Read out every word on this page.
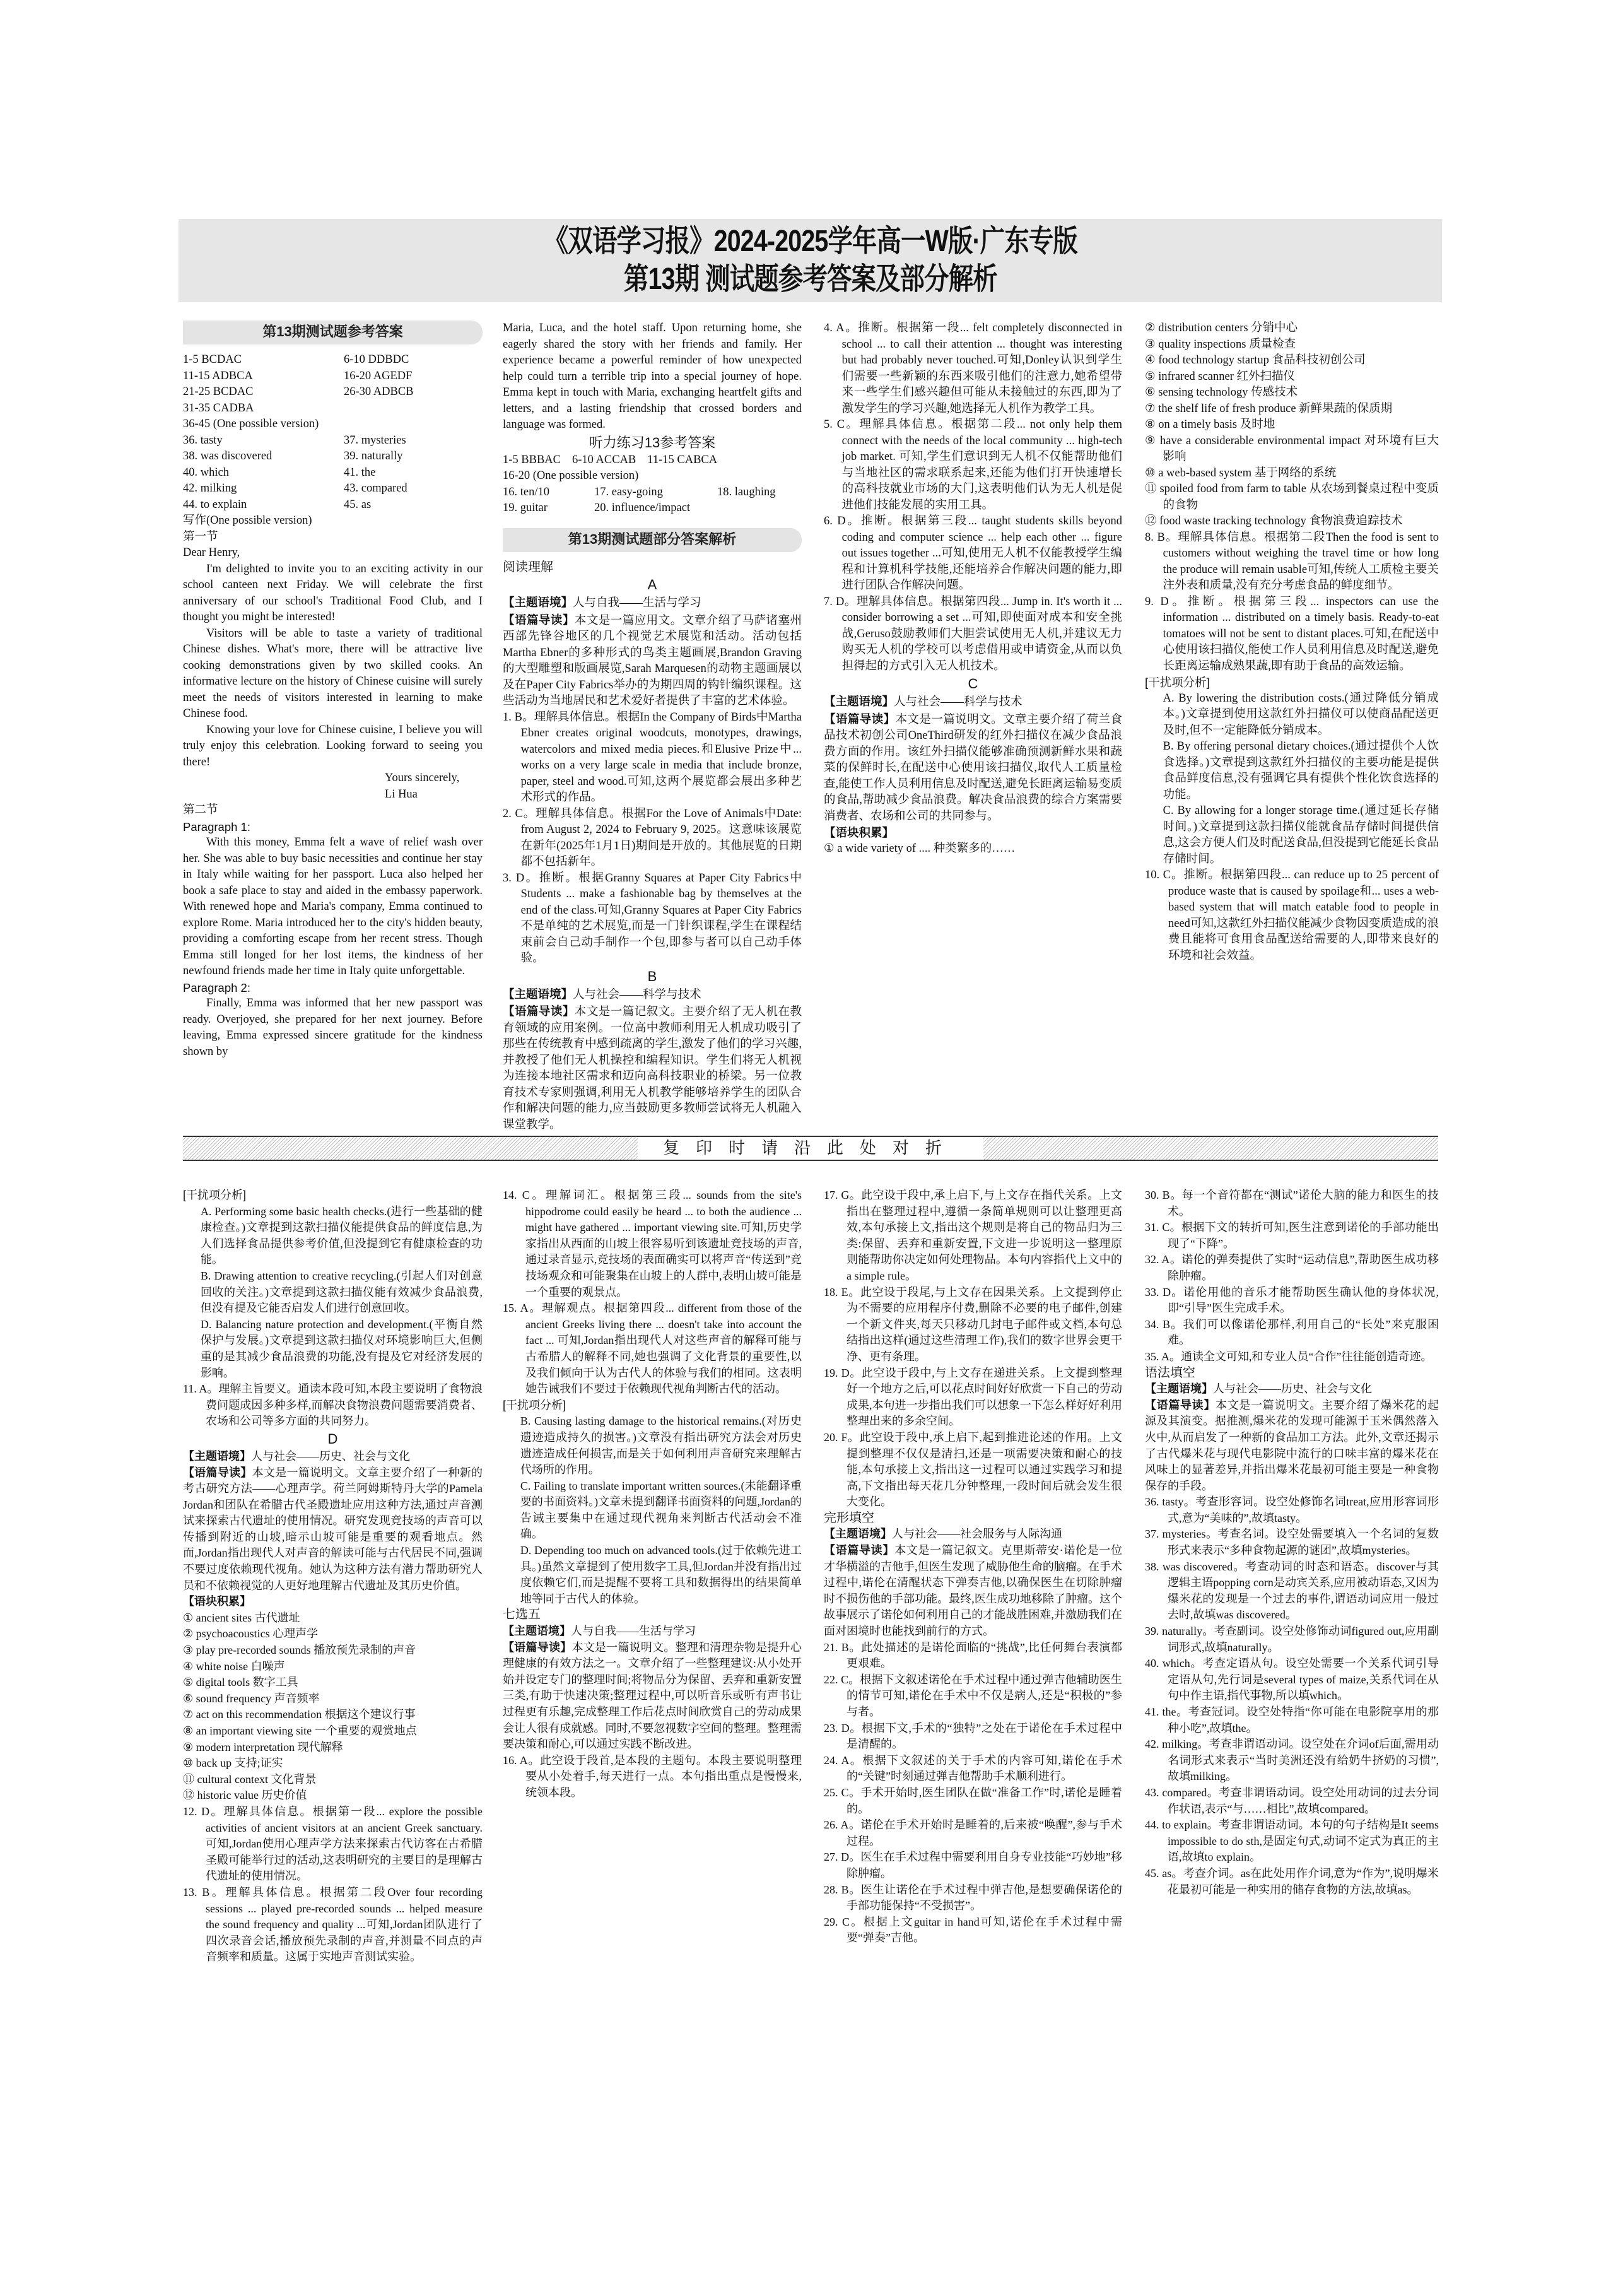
《双语学习报》2024-2025学年高一W版·广东专版
第13期 测试题参考答案及部分解析
第13期测试题参考答案
1-5 BCDAC	6-10 DDBDC
11-15 ADBCA	16-20 AGEDF
21-25 BCDAC	26-30 ADBCB
31-35 CADBA
36-45 (One possible version)
36. tasty	37. mysteries
38. was discovered	39. naturally
40. which	41. the
42. milking	43. compared
44. to explain	45. as
写作(One possible version)
第一节
Dear Henry,
I'm delighted to invite you to an exciting activity in our school canteen next Friday. We will celebrate the first anniversary of our school's Traditional Food Club, and I thought you might be interested!
Visitors will be able to taste a variety of traditional Chinese dishes. What's more, there will be attractive live cooking demonstrations given by two skilled cooks. An informative lecture on the history of Chinese cuisine will surely meet the needs of visitors interested in learning to make Chinese food.
Knowing your love for Chinese cuisine, I believe you will truly enjoy this celebration. Looking forward to seeing you there!
Yours sincerely,
Li Hua
第二节
Paragraph 1:
With this money, Emma felt a wave of relief wash over her. She was able to buy basic necessities and continue her stay in Italy while waiting for her passport. Luca also helped her book a safe place to stay and aided in the embassy paperwork. With renewed hope and Maria's company, Emma continued to explore Rome. Maria introduced her to the city's hidden beauty, providing a comforting escape from her recent stress. Though Emma still longed for her lost items, the kindness of her newfound friends made her time in Italy quite unforgettable.
Paragraph 2:
Finally, Emma was informed that her new passport was ready. Overjoyed, she prepared for her next journey. Before leaving, Emma expressed sincere gratitude for the kindness shown by
Maria, Luca, and the hotel staff. Upon returning home, she eagerly shared the story with her friends and family. Her experience became a powerful reminder of how unexpected help could turn a terrible trip into a special journey of hope. Emma kept in touch with Maria, exchanging heartfelt gifts and letters, and a lasting friendship that crossed borders and language was formed.
听力练习13参考答案
1-5 BBBAC 6-10 ACCAB 11-15 CABCA
16-20 (One possible version)
16. ten/10	17. easy-going	18. laughing
19. guitar	20. influence/impact
第13期测试题部分答案解析
阅读理解
A
【主题语境】人与自我——生活与学习
【语篇导读】本文是一篇应用文。文章介绍了马萨诸塞州西部先锋谷地区的几个视觉艺术展览和活动。活动包括Martha Ebner的多种形式的鸟类主题画展,Brandon Graving的大型雕塑和版画展览,Sarah Marquesen的动物主题画展以及在Paper City Fabrics举办的为期四周的钩针编织课程。这些活动为当地居民和艺术爱好者提供了丰富的艺术体验。
1. B。理解具体信息。根据In the Company of Birds中Martha Ebner creates original woodcuts, monotypes, drawings, watercolors and mixed media pieces.和Elusive Prize中... works on a very large scale in media that include bronze, paper, steel and wood.可知,这两个展览都会展出多种艺术形式的作品。
2. C。理解具体信息。根据For the Love of Animals中Date: from August 2, 2024 to February 9, 2025。这意味该展览在新年(2025年1月1日)期间是开放的。其他展览的日期都不包括新年。
3. D。推断。根据Granny Squares at Paper City Fabrics中Students ... make a fashionable bag by themselves at the end of the class.可知,Granny Squares at Paper City Fabrics不是单纯的艺术展览,而是一门针织课程,学生在课程结束前会自己动手制作一个包,即参与者可以自己动手体验。
B
【主题语境】人与社会——科学与技术
【语篇导读】本文是一篇记叙文。主要介绍了无人机在教育领域的应用案例。一位高中教师利用无人机成功吸引了那些在传统教育中感到疏离的学生,激发了他们的学习兴趣,并教授了他们无人机操控和编程知识。学生们将无人机视为连接本地社区需求和迈向高科技职业的桥梁。另一位教育技术专家则强调,利用无人机教学能够培养学生的团队合作和解决问题的能力,应当鼓励更多教师尝试将无人机融入课堂教学。
4. A。推断。根据第一段... felt completely disconnected in school ... to call their attention ... thought was interesting but had probably never touched.可知,Donley认识到学生们需要一些新颖的东西来吸引他们的注意力,她希望带来一些学生们感兴趣但可能从未接触过的东西,即为了激发学生的学习兴趣,她选择无人机作为教学工具。
5. C。理解具体信息。根据第二段... not only help them connect with the needs of the local community ... high-tech job market. 可知,学生们意识到无人机不仅能帮助他们与当地社区的需求联系起来,还能为他们打开快速增长的高科技就业市场的大门,这表明他们认为无人机是促进他们技能发展的实用工具。
6. D。推断。根据第三段... taught students skills beyond coding and computer science ... help each other ... figure out issues together ...可知,使用无人机不仅能教授学生编程和计算机科学技能,还能培养合作解决问题的能力,即进行团队合作解决问题。
7. D。理解具体信息。根据第四段... Jump in. It's worth it ... consider borrowing a set ...可知,即使面对成本和安全挑战,Geruso鼓励教师们大胆尝试使用无人机,并建议无力购买无人机的学校可以考虑借用或申请资金,从而以负担得起的方式引入无人机技术。
C
【主题语境】人与社会——科学与技术
【语篇导读】本文是一篇说明文。文章主要介绍了荷兰食品技术初创公司OneThird研发的红外扫描仪在减少食品浪费方面的作用。该红外扫描仪能够准确预测新鲜水果和蔬菜的保鲜时长,在配送中心使用该扫描仪,取代人工质量检查,能使工作人员利用信息及时配送,避免长距离运输易变质的食品,帮助减少食品浪费。解决食品浪费的综合方案需要消费者、农场和公司的共同参与。
【语块积累】
① a wide variety of .... 种类繁多的……
② distribution centers 分销中心
③ quality inspections 质量检查
④ food technology startup 食品科技初创公司
⑤ infrared scanner 红外扫描仪
⑥ sensing technology 传感技术
⑦ the shelf life of fresh produce 新鲜果蔬的保质期
⑧ on a timely basis 及时地
⑨ have a considerable environmental impact 对环境有巨大影响
⑩ a web-based system 基于网络的系统
⑪ spoiled food from farm to table 从农场到餐桌过程中变质的食物
⑫ food waste tracking technology 食物浪费追踪技术
8. B。理解具体信息。根据第二段Then the food is sent to customers without weighing the travel time or how long the produce will remain usable可知,传统人工质检主要关注外表和质量,没有充分考虑食品的鲜度细节。
9. D。推断。根据第三段... inspectors can use the information ... distributed on a timely basis. Ready-to-eat tomatoes will not be sent to distant places.可知,在配送中心使用该扫描仪,能使工作人员利用信息及时配送,避免长距离运输成熟果蔬,即有助于食品的高效运输。
[干扰项分析]
A. By lowering the distribution costs.(通过降低分销成本。)文章提到使用这款红外扫描仪可以使商品配送更及时,但不一定能降低分销成本。
B. By offering personal dietary choices.(通过提供个人饮食选择。)文章提到这款红外扫描仪的主要功能是提供食品鲜度信息,没有强调它具有提供个性化饮食选择的功能。
C. By allowing for a longer storage time.(通过延长存储时间。)文章提到这款扫描仪能就食品存储时间提供信息,这会方便人们及时配送食品,但没提到它能延长食品存储时间。
10. C。推断。根据第四段... can reduce up to 25 percent of produce waste that is caused by spoilage和... uses a web-based system that will match eatable food to people in need可知,这款红外扫描仪能减少食物因变质造成的浪费且能将可食用食品配送给需要的人,即带来良好的环境和社会效益。
复印时请沿此处对折
[干扰项分析]
A. Performing some basic health checks.(进行一些基础的健康检查。)文章提到这款扫描仪能提供食品的鲜度信息,为人们选择食品提供参考价值,但没提到它有健康检查的功能。
B. Drawing attention to creative recycling.(引起人们对创意回收的关注。)文章提到这款扫描仪能有效减少食品浪费,但没有提及它能否启发人们进行创意回收。
D. Balancing nature protection and development.(平衡自然保护与发展。)文章提到这款扫描仪对环境影响巨大,但侧重的是其减少食品浪费的功能,没有提及它对经济发展的影响。
11. A。理解主旨要义。通读本段可知,本段主要说明了食物浪费问题成因多种多样,而解决食物浪费问题需要消费者、农场和公司等多方面的共同努力。
D
【主题语境】人与社会——历史、社会与文化
【语篇导读】本文是一篇说明文。文章主要介绍了一种新的考古研究方法——心理声学。荷兰阿姆斯特丹大学的Pamela Jordan和团队在希腊古代圣殿遗址应用这种方法,通过声音测试来探索古代遗址的使用情况。研究发现竞技场的声音可以传播到附近的山坡,暗示山坡可能是重要的观看地点。然而,Jordan指出现代人对声音的解读可能与古代居民不同,强调不要过度依赖现代视角。她认为这种方法有潜力帮助研究人员和不依赖视觉的人更好地理解古代遗址及其历史价值。
【语块积累】
① ancient sites 古代遗址
② psychoacoustics 心理声学
③ play pre-recorded sounds 播放预先录制的声音
④ white noise 白噪声
⑤ digital tools 数字工具
⑥ sound frequency 声音频率
⑦ act on this recommendation 根据这个建议行事
⑧ an important viewing site 一个重要的观赏地点
⑨ modern interpretation 现代解释
⑩ back up 支持;证实
⑪ cultural context 文化背景
⑫ historic value 历史价值
12. D。理解具体信息。根据第一段... explore the possible activities of ancient visitors at an ancient Greek sanctuary. 可知,Jordan使用心理声学方法来探索古代访客在古希腊圣殿可能举行过的活动,这表明研究的主要目的是理解古代遗址的使用情况。
13. B。理解具体信息。根据第二段Over four recording sessions ... played pre-recorded sounds ... helped measure the sound frequency and quality ...可知,Jordan团队进行了四次录音会话,播放预先录制的声音,并测量不同点的声音频率和质量。这属于实地声音测试实验。
14. C。理解词汇。根据第三段... sounds from the site's hippodrome could easily be heard ... to both the audience ... might have gathered ... important viewing site.可知,历史学家指出从西面的山坡上很容易听到该遗址竞技场的声音,通过录音显示,竞技场的表面确实可以将声音“传送到”竞技场观众和可能聚集在山坡上的人群中,表明山坡可能是一个重要的观景点。
15. A。理解观点。根据第四段... different from those of the ancient Greeks living there ... doesn't take into account the fact ... 可知,Jordan指出现代人对这些声音的解释可能与古希腊人的解释不同,她也强调了文化背景的重要性,以及我们倾向于认为古代人的体验与我们的相同。这表明她告诫我们不要过于依赖现代视角判断古代的活动。
[干扰项分析]
B. Causing lasting damage to the historical remains.(对历史遗迹造成持久的损害。)文章没有指出研究方法会对历史遗迹造成任何损害,而是关于如何利用声音研究来理解古代场所的作用。
C. Failing to translate important written sources.(未能翻译重要的书面资料。)文章未提到翻译书面资料的问题,Jordan的告诫主要集中在通过现代视角来判断古代活动会不准确。
D. Depending too much on advanced tools.(过于依赖先进工具。)虽然文章提到了使用数字工具,但Jordan并没有指出过度依赖它们,而是提醒不要将工具和数据得出的结果简单地等同于古代人的体验。
七选五
【主题语境】人与自我——生活与学习
【语篇导读】本文是一篇说明文。整理和清理杂物是提升心理健康的有效方法之一。文章介绍了一些整理建议:从小处开始并设定专门的整理时间;将物品分为保留、丢弃和重新安置三类,有助于快速决策;整理过程中,可以听音乐或听有声书让过程更有乐趣,完成整理工作后花点时间欣赏自己的劳动成果会让人很有成就感。同时,不要忽视数字空间的整理。整理需要决策和耐心,可以通过实践不断改进。
16. A。此空设于段首,是本段的主题句。本段主要说明整理要从小处着手,每天进行一点。本句指出重点是慢慢来,统领本段。
17. G。此空设于段中,承上启下,与上文存在指代关系。上文指出在整理过程中,遵循一条简单规则可以让整理更高效,本句承接上文,指出这个规则是将自己的物品归为三类:保留、丢弃和重新安置,下文进一步说明这一整理原则能帮助你决定如何处理物品。本句内容指代上文中的a simple rule。
18. E。此空设于段尾,与上文存在因果关系。上文提到停止为不需要的应用程序付费,删除不必要的电子邮件,创建一个新文件夹,每天只移动几封电子邮件或文档,本句总结指出这样(通过这些清理工作),我们的数字世界会更干净、更有条理。
19. D。此空设于段中,与上文存在递进关系。上文提到整理好一个地方之后,可以花点时间好好欣赏一下自己的劳动成果,本句进一步指出我们可以想象一下怎么样好好利用整理出来的多余空间。
20. F。此空设于段中,承上启下,起到推进论述的作用。上文提到整理不仅仅是清扫,还是一项需要决策和耐心的技能,本句承接上文,指出这一过程可以通过实践学习和提高,下文指出每天花几分钟整理,一段时间后就会发生很大变化。
完形填空
【主题语境】人与社会——社会服务与人际沟通
【语篇导读】本文是一篇记叙文。克里斯蒂安·诺伦是一位才华横溢的吉他手,但医生发现了威胁他生命的脑瘤。在手术过程中,诺伦在清醒状态下弹奏吉他,以确保医生在切除肿瘤时不损伤他的手部功能。最终,医生成功地移除了肿瘤。这个故事展示了诺伦如何利用自己的才能战胜困难,并激励我们在面对困境时也能找到前行的方式。
21. B。此处描述的是诺伦面临的“挑战”,比任何舞台表演都更艰难。
22. C。根据下文叙述诺伦在手术过程中通过弹吉他辅助医生的情节可知,诺伦在手术中不仅是病人,还是“积极的”参与者。
23. D。根据下文,手术的“独特”之处在于诺伦在手术过程中是清醒的。
24. A。根据下文叙述的关于手术的内容可知,诺伦在手术的“关键”时刻通过弹吉他帮助手术顺利进行。
25. C。手术开始时,医生团队在做“准备工作”时,诺伦是睡着的。
26. A。诺伦在手术开始时是睡着的,后来被“唤醒”,参与手术过程。
27. D。医生在手术过程中需要利用自身专业技能“巧妙地”移除肿瘤。
28. B。医生让诺伦在手术过程中弹吉他,是想要确保诺伦的手部功能保持“不受损害”。
29. C。根据上文guitar in hand可知,诺伦在手术过程中需要“弹奏”吉他。
30. B。每一个音符都在“测试”诺伦大脑的能力和医生的技术。
31. C。根据下文的转折可知,医生注意到诺伦的手部功能出现了“下降”。
32. A。诺伦的弹奏提供了实时“运动信息”,帮助医生成功移除肿瘤。
33. D。诺伦用他的音乐才能帮助医生确认他的身体状况,即“引导”医生完成手术。
34. B。我们可以像诺伦那样,利用自己的“长处”来克服困难。
35. A。通读全文可知,和专业人员“合作”往往能创造奇迹。
语法填空
【主题语境】人与社会——历史、社会与文化
【语篇导读】本文是一篇说明文。主要介绍了爆米花的起源及其演变。据推测,爆米花的发现可能源于玉米偶然落入火中,从而启发了一种新的食品加工方法。此外,文章还揭示了古代爆米花与现代电影院中流行的口味丰富的爆米花在风味上的显著差异,并指出爆米花最初可能主要是一种食物保存的手段。
36. tasty。考查形容词。设空处修饰名词treat,应用形容词形式,意为“美味的”,故填tasty。
37. mysteries。考查名词。设空处需要填入一个名词的复数形式来表示“多种食物起源的谜团”,故填mysteries。
38. was discovered。考查动词的时态和语态。discover与其逻辑主语popping corn是动宾关系,应用被动语态,又因为爆米花的发现是一个过去的事件,谓语动词应用一般过去时,故填was discovered。
39. naturally。考查副词。设空处修饰动词figured out,应用副词形式,故填naturally。
40. which。考查定语从句。设空处需要一个关系代词引导定语从句,先行词是several types of maize,关系代词在从句中作主语,指代事物,所以填which。
41. the。考查冠词。设空处特指“你可能在电影院享用的那种小吃”,故填the。
42. milking。考查非谓语动词。设空处在介词of后面,需用动名词形式来表示“当时美洲还没有给奶牛挤奶的习惯”,故填milking。
43. compared。考查非谓语动词。设空处用动词的过去分词作状语,表示“与……相比”,故填compared。
44. to explain。考查非谓语动词。本句的句子结构是It seems impossible to do sth,是固定句式,动词不定式为真正的主语,故填to explain。
45. as。考查介词。as在此处用作介词,意为“作为”,说明爆米花最初可能是一种实用的储存食物的方法,故填as。
